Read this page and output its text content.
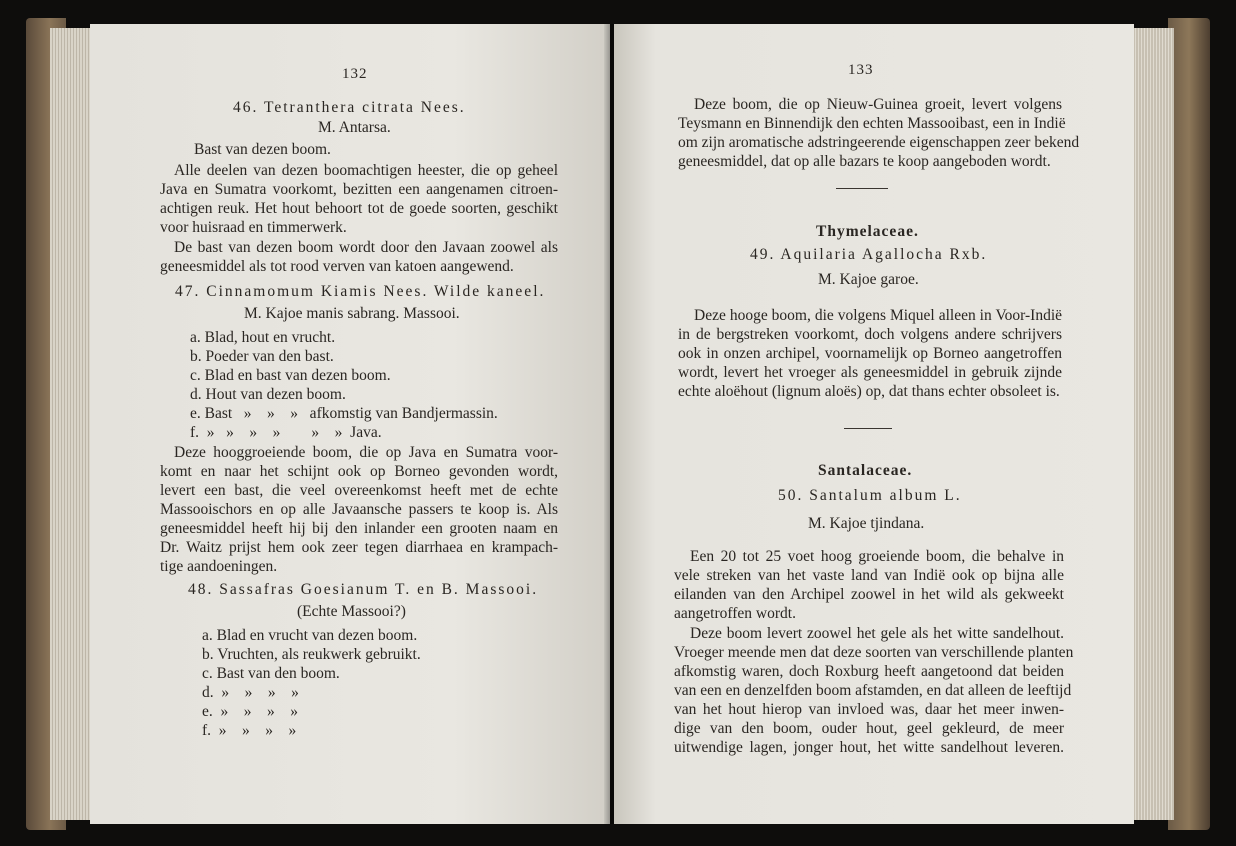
132
46. Tetranthera citrata Nees.
M. Antarsa.
Bast van dezen boom.
Alle deelen van dezen boomachtigen heester, die op geheel
Java en Sumatra voorkomt, bezitten een aangenamen citroen-
achtigen reuk. Het hout behoort tot de goede soorten, geschikt
voor huisraad en timmerwerk.
De bast van dezen boom wordt door den Javaan zoowel als
geneesmiddel als tot rood verven van katoen aangewend.
47. Cinnamomum Kiamis Nees. Wilde kaneel.
M. Kajoe manis sabrang. Massooi.
a. Blad, hout en vrucht.
b. Poeder van den bast.
c. Blad en bast van dezen boom.
d. Hout van dezen boom.
e. Bast   »    »    »   afkomstig van Bandjermassin.
f.  »   »    »    »        »    »  Java.
Deze hooggroeiende boom, die op Java en Sumatra voor-
komt en naar het schijnt ook op Borneo gevonden wordt,
levert een bast, die veel overeenkomst heeft met de echte
Massooischors en op alle Javaansche passers te koop is. Als
geneesmiddel heeft hij bij den inlander een grooten naam en
Dr. Waitz prijst hem ook zeer tegen diarrhaea en krampach-
tige aandoeningen.
48. Sassafras Goesianum T. en B. Massooi.
(Echte Massooi?)
a. Blad en vrucht van dezen boom.
b. Vruchten, als reukwerk gebruikt.
c. Bast van den boom.
d.  »    »    »    »
e.  »    »    »    »
f.  »    »    »    »
133
Deze boom, die op Nieuw-Guinea groeit, levert volgens
Teysmann en Binnendijk den echten Massooibast, een in Indië
om zijn aromatische adstringeerende eigenschappen zeer bekend
geneesmiddel, dat op alle bazars te koop aangeboden wordt.
Thymelaceae.
49. Aquilaria Agallocha Rxb.
M. Kajoe garoe.
Deze hooge boom, die volgens Miquel alleen in Voor-Indië
in de bergstreken voorkomt, doch volgens andere schrijvers
ook in onzen archipel, voornamelijk op Borneo aangetroffen
wordt, levert het vroeger als geneesmiddel in gebruik zijnde
echte aloëhout (lignum aloës) op, dat thans echter obsoleet is.
Santalaceae.
50. Santalum album L.
M. Kajoe tjindana.
Een 20 tot 25 voet hoog groeiende boom, die behalve in
vele streken van het vaste land van Indië ook op bijna alle
eilanden van den Archipel zoowel in het wild als gekweekt
aangetroffen wordt.
Deze boom levert zoowel het gele als het witte sandelhout.
Vroeger meende men dat deze soorten van verschillende planten
afkomstig waren, doch Roxburg heeft aangetoond dat beiden
van een en denzelfden boom afstamden, en dat alleen de leeftijd
van het hout hierop van invloed was, daar het meer inwen-
dige van den boom, ouder hout, geel gekleurd, de meer
uitwendige lagen, jonger hout, het witte sandelhout leveren.
